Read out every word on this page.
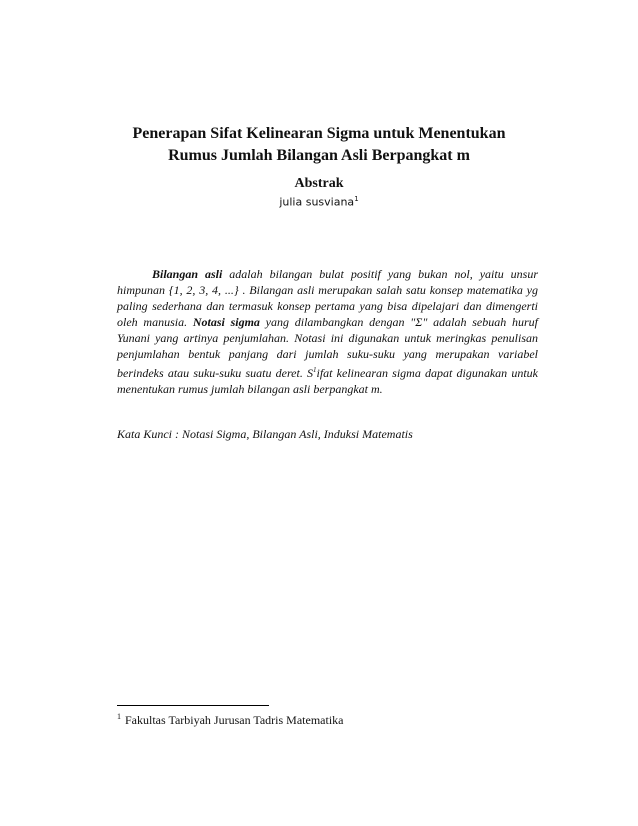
Penerapan Sifat Kelinearan Sigma untuk Menentukan
Rumus Jumlah Bilangan Asli Berpangkat m
Abstrak
julia susviana$^1$

Bilangan asli adalah bilangan bulat positif yang bukan nol, yaitu unsur himpunan {1, 2, 3, 4, ...} . Bilangan asli merupakan salah satu konsep matematika yg paling sederhana dan termasuk konsep pertama yang bisa dipelajari dan dimengerti oleh manusia. Notasi sigma yang dilambangkan dengan "Σ" adalah sebuah huruf Yunani yang artinya penjumlahan. Notasi ini digunakan untuk meringkas penulisan penjumlahan bentuk panjang dari jumlah suku-suku yang merupakan variabel berindeks atau suku-suku suatu deret. $S^1ifat$ kelinearan sigma dapat digunakan untuk menentukan rumus jumlah bilangan asli berpangkat m.

Kata Kunci : Notasi Sigma, Bilangan Asli, Induksi Matematis
$^1$ Fakultas Tarbiyah Jurusan Tadris Matematika
